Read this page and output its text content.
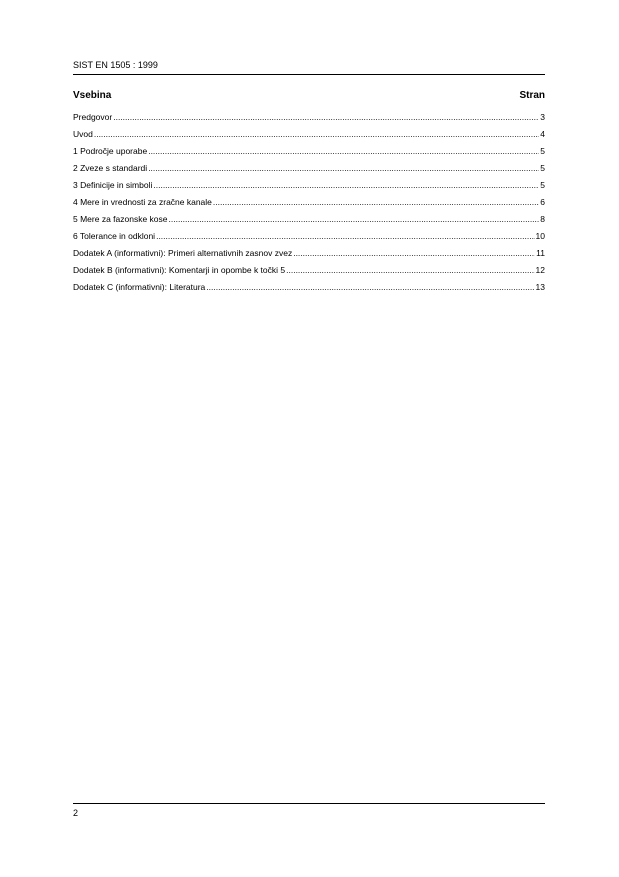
SIST EN 1505 : 1999
Vsebina	Stran
Predgovor .....	3
Uvod .....	4
1 Področje uporabe .....	5
2 Zveze s standardi .....	5
3 Definicije in simboli .....	5
4 Mere in vrednosti za zračne kanale .....	6
5 Mere za fazonske kose .....	8
6 Tolerance in odkloni .....	10
Dodatek A (informativni): Primeri alternativnih zasnov zvez .....	11
Dodatek B (informativni): Komentarji in opombe k točki 5 .....	12
Dodatek C (informativni): Literatura .....	13
2
